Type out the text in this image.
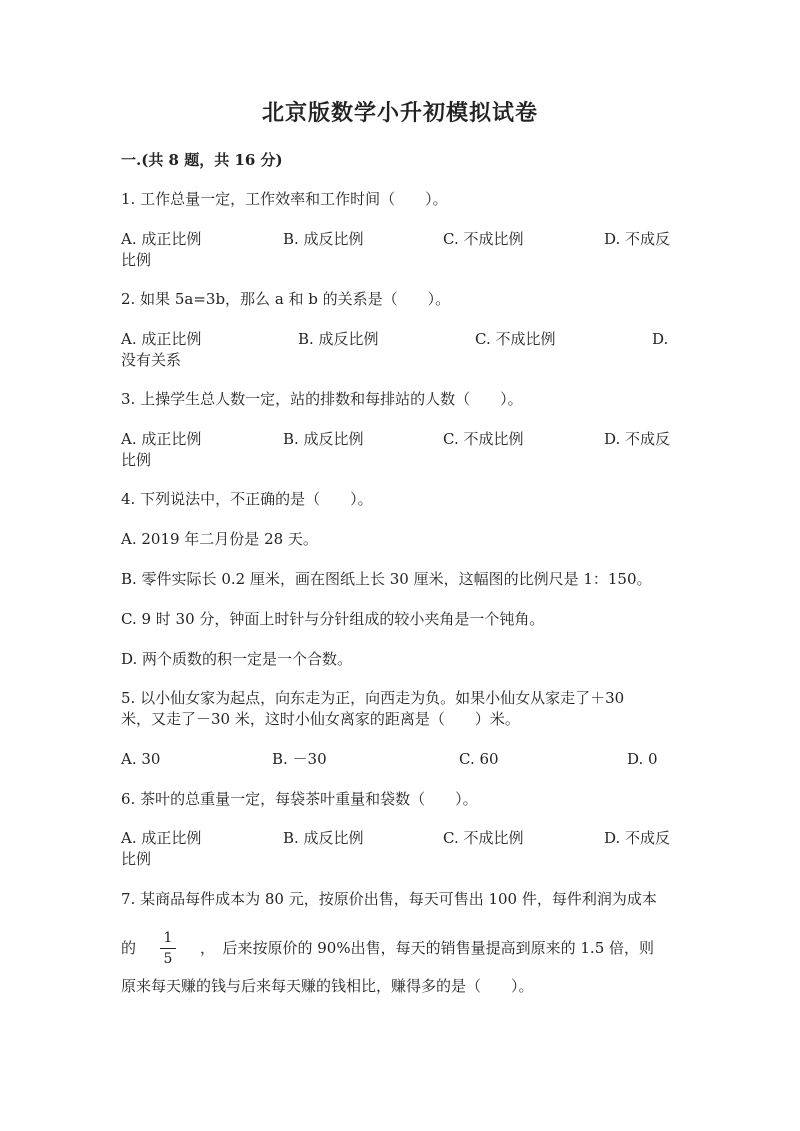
北京版数学小升初模拟试卷
一.(共 8 题，共 16 分)
1. 工作总量一定，工作效率和工作时间（　　）。
A. 成正比例	B. 成反比例	C. 不成比例	D. 不成反
比例
2. 如果 5a=3b，那么 a 和 b 的关系是（　　）。
A. 成正比例	B. 成反比例	C. 不成比例	D.
没有关系
3. 上操学生总人数一定，站的排数和每排站的人数（　　）。
A. 成正比例	B. 成反比例	C. 不成比例	D. 不成反
比例
4. 下列说法中，不正确的是（　　）。
A. 2019 年二月份是 28 天。
B. 零件实际长 0.2 厘米，画在图纸上长 30 厘米，这幅图的比例尺是 1：150。
C. 9 时 30 分，钟面上时针与分针组成的较小夹角是一个钝角。
D. 两个质数的积一定是一个合数。
5. 以小仙女家为起点，向东走为正，向西走为负。如果小仙女从家走了＋30
米，又走了－30 米，这时小仙女离家的距离是（　　）米。
A. 30	B. －30	C. 60	D. 0
6. 茶叶的总重量一定，每袋茶叶重量和袋数（　　）。
A. 成正比例	B. 成反比例	C. 不成比例	D. 不成反
比例
7. 某商品每件成本为 80 元，按原价出售，每天可售出 100 件，每件利润为成本
的
1
5
，　后来按原价的 90%出售，每天的销售量提高到原来的 1.5 倍，则
原来每天赚的钱与后来每天赚的钱相比，赚得多的是（　　）。
